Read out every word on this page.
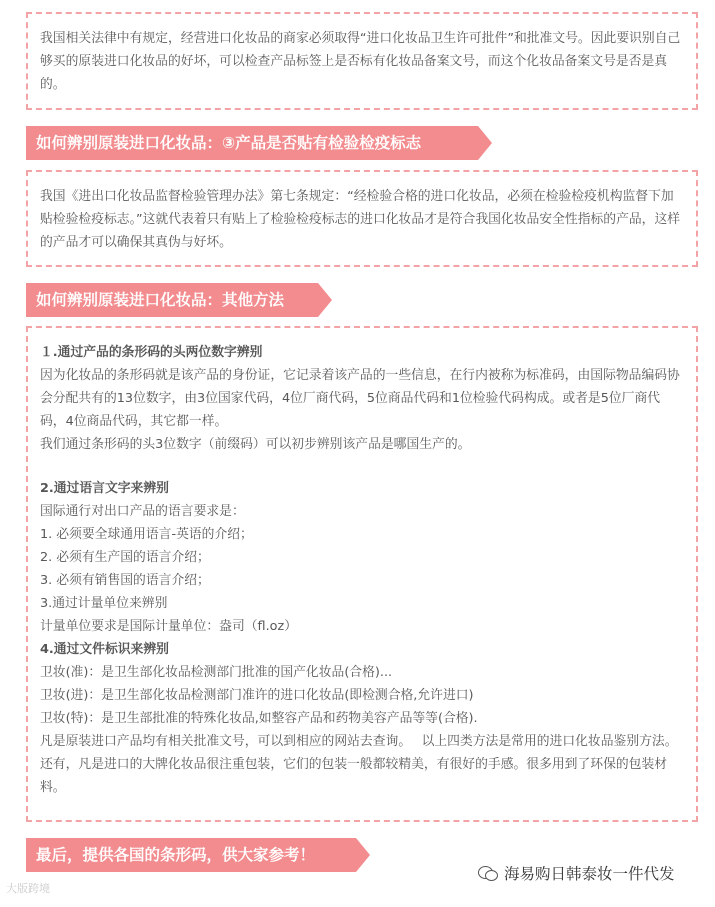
我国相关法律中有规定，经营进口化妆品的商家必须取得“进口化妆品卫生许可批件”和批准文号。因此要识别自己够买的原装进口化妆品的好坏，可以检查产品标签上是否标有化妆品备案文号，而这个化妆品备案文号是否是真的。

如何辨别原装进口化妆品：③产品是否贴有检验检疫标志

我国《进出口化妆品监督检验管理办法》第七条规定：“经检验合格的进口化妆品，必须在检验检疫机构监督下加贴检验检疫标志。”这就代表着只有贴上了检验检疫标志的进口化妆品才是符合我国化妆品安全性指标的产品，这样的产品才可以确保其真伪与好坏。

如何辨别原装进口化妆品：其他方法

１.通过产品的条形码的头两位数字辨别

因为化妆品的条形码就是该产品的身份证，它记录着该产品的一些信息，在行内被称为标准码，由国际物品编码协会分配共有的13位数字，由3位国家代码，4位厂商代码，5位商品代码和1位检验代码构成。或者是5位厂商代码，4位商品代码，其它都一样。

我们通过条形码的头3位数字（前缀码）可以初步辨别该产品是哪国生产的。

2.通过语言文字来辨别

国际通行对出口产品的语言要求是：

1. 必须要全球通用语言-英语的介绍；

2. 必须有生产国的语言介绍；

3. 必须有销售国的语言介绍；

3.通过计量单位来辨别

计量单位要求是国际计量单位：盎司（fl.oz）

4.通过文件标识来辨别

卫妆(准)：是卫生部化妆品检测部门批准的国产化妆品(合格)...

卫妆(进)：是卫生部化妆品检测部门准许的进口化妆品(即检测合格,允许进口)

卫妆(特)：是卫生部批准的特殊化妆品,如整容产品和药物美容产品等等(合格).

凡是原装进口产品均有相关批准文号，可以到相应的网站去查询。　 以上四类方法是常用的进口化妆品鉴别方法。还有，凡是进口的大牌化妆品很注重包装，它们的包装一般都较精美，有很好的手感。很多用到了环保的包装材料。

最后，提供各国的条形码，供大家参考！
大版跨境
海易购日韩泰妆一件代发
